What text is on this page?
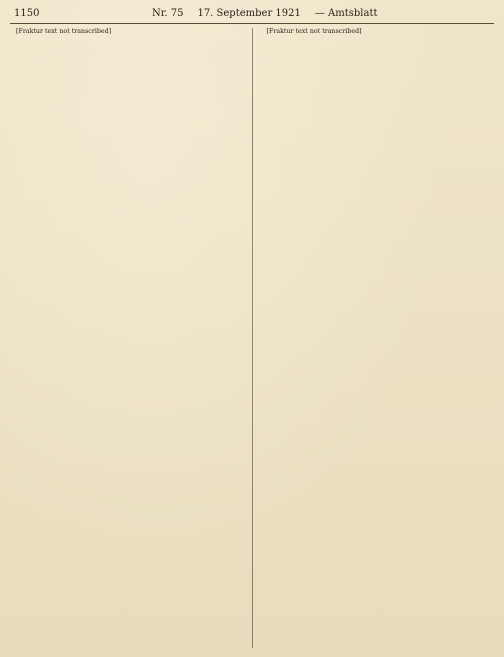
1150	Nr. 75 17. September 1921 — Amtsblatt

[Fraktur text not transcribed]	[Fraktur text not transcribed]
